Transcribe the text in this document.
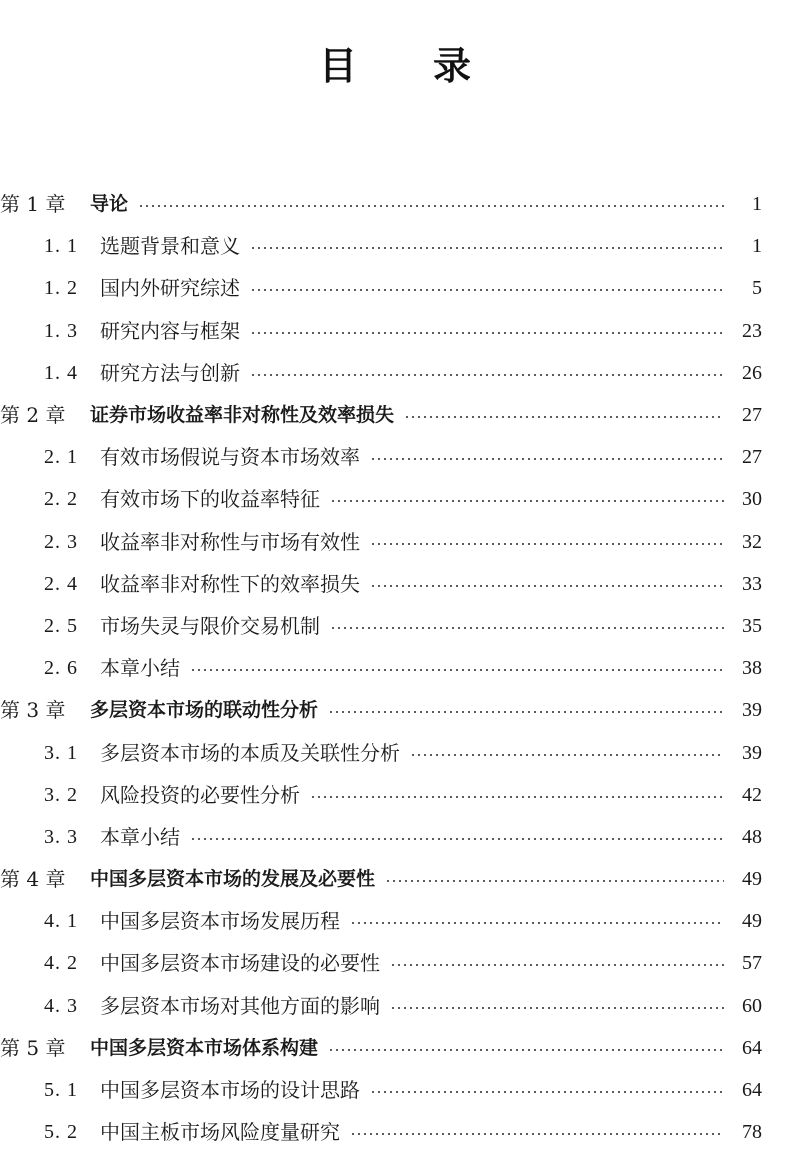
目　　录
第 1 章	导论	1
1. 1	选题背景和意义	1
1. 2	国内外研究综述	5
1. 3	研究内容与框架	23
1. 4	研究方法与创新	26
第 2 章	证券市场收益率非对称性及效率损失	27
2. 1	有效市场假说与资本市场效率	27
2. 2	有效市场下的收益率特征	30
2. 3	收益率非对称性与市场有效性	32
2. 4	收益率非对称性下的效率损失	33
2. 5	市场失灵与限价交易机制	35
2. 6	本章小结	38
第 3 章	多层资本市场的联动性分析	39
3. 1	多层资本市场的本质及关联性分析	39
3. 2	风险投资的必要性分析	42
3. 3	本章小结	48
第 4 章	中国多层资本市场的发展及必要性	49
4. 1	中国多层资本市场发展历程	49
4. 2	中国多层资本市场建设的必要性	57
4. 3	多层资本市场对其他方面的影响	60
第 5 章	中国多层资本市场体系构建	64
5. 1	中国多层资本市场的设计思路	64
5. 2	中国主板市场风险度量研究	78
